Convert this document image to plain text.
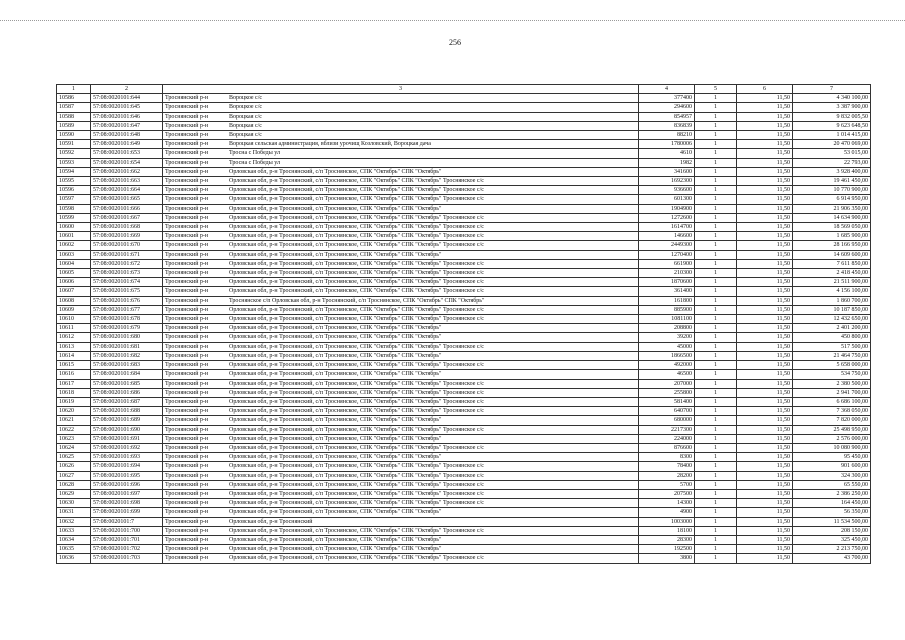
256
1	2	3	4	5	6	7
10586	57:08:0020101:644	Троснянский р-н Вороцкое с/с	377400	1	11,50	4 340 100,00
10587	57:08:0020101:645	Троснянский р-н Вороцкое с/с	294600	1	11,50	3 387 900,00
10588	57:08:0020101:646	Троснянский р-н Вороцкая с/с	854957	1	11,50	9 832 005,50
10589	57:08:0020101:647	Троснянский р-н Вороцкая с/с	836839	1	11,50	9 623 648,50
10590	57:08:0020101:648	Троснянский р-н Вороцкая с/с	88210	1	11,50	1 014 415,00
10591	57:08:0020101:649	Троснянский р-н Вороцкая сельская администрация, вблизи урочищ Козловский, Вороцкая дача	1780006	1	11,50	20 470 069,00
10592	57:08:0020101:653	Троснянский р-н Тросна с Победы ул	4610	1	11,50	53 015,00
10593	57:08:0020101:654	Троснянский р-н Тросна с Победы ул	1982	1	11,50	22 793,00
10594	57:08:0020101:662	Троснянский р-н Орловская обл, р-н Троснянский, с/п Троснянское, СПК "Октябрь" СПК "Октябрь"	341600	1	11,50	3 928 400,00
10595	57:08:0020101:663	Троснянский р-н Орловская обл, р-н Троснянский, с/п Троснянское, СПК "Октябрь" СПК "Октябрь" Троснянское с/с	1692300	1	11,50	19 461 450,00
10596	57:08:0020101:664	Троснянский р-н Орловская обл, р-н Троснянский, с/п Троснянское, СПК "Октябрь" СПК "Октябрь" Троснянское с/с	936600	1	11,50	10 770 900,00
10597	57:08:0020101:665	Троснянский р-н Орловская обл, р-н Троснянский, с/п Троснянское, СПК "Октябрь" СПК "Октябрь" Троснянское с/с	601300	1	11,50	6 914 950,00
10598	57:08:0020101:666	Троснянский р-н Орловская обл, р-н Троснянский, с/п Троснянское, СПК "Октябрь" СПК "Октябрь"	1904900	1	11,50	21 906 350,00
10599	57:08:0020101:667	Троснянский р-н Орловская обл, р-н Троснянский, с/п Троснянское, СПК "Октябрь" СПК "Октябрь" Троснянское с/с	1272600	1	11,50	14 634 900,00
10600	57:08:0020101:668	Троснянский р-н Орловская обл, р-н Троснянский, с/п Троснянское, СПК "Октябрь" СПК "Октябрь" Троснянское с/с	1614700	1	11,50	18 569 050,00
10601	57:08:0020101:669	Троснянский р-н Орловская обл, р-н Троснянский, с/п Троснянское, СПК "Октябрь" СПК "Октябрь" Троснянское с/с	146600	1	11,50	1 685 900,00
10602	57:08:0020101:670	Троснянский р-н Орловская обл, р-н Троснянский, с/п Троснянское, СПК "Октябрь" СПК "Октябрь" Троснянское с/с	2449300	1	11,50	28 166 950,00
10603	57:08:0020101:671	Троснянский р-н Орловская обл, р-н Троснянский, с/п Троснянское, СПК "Октябрь" СПК "Октябрь"	1270400	1	11,50	14 609 600,00
10604	57:08:0020101:672	Троснянский р-н Орловская обл, р-н Троснянский, с/п Троснянское, СПК "Октябрь" СПК "Октябрь" Троснянское с/с	661900	1	11,50	7 611 850,00
10605	57:08:0020101:673	Троснянский р-н Орловская обл, р-н Троснянский, с/п Троснянское, СПК "Октябрь" СПК "Октябрь" Троснянское с/с	210300	1	11,50	2 418 450,00
10606	57:08:0020101:674	Троснянский р-н Орловская обл, р-н Троснянский, с/п Троснянское, СПК "Октябрь" СПК "Октябрь" Троснянское с/с	1870600	1	11,50	21 511 900,00
10607	57:08:0020101:675	Троснянский р-н Орловская обл, р-н Троснянский, с/п Троснянское, СПК "Октябрь" СПК "Октябрь" Троснянское с/с	361400	1	11,50	4 156 100,00
10608	57:08:0020101:676	Троснянский р-н Троснянское с/п Орловская обл, р-н Троснянский, с/п Троснянское, СПК "Октябрь" СПК "Октябрь"	161800	1	11,50	1 860 700,00
10609	57:08:0020101:677	Троснянский р-н Орловская обл, р-н Троснянский, с/п Троснянское, СПК "Октябрь" СПК "Октябрь" Троснянское с/с	885900	1	11,50	10 187 850,00
10610	57:08:0020101:678	Троснянский р-н Орловская обл, р-н Троснянский, с/п Троснянское, СПК "Октябрь" СПК "Октябрь" Троснянское с/с	1081100	1	11,50	12 432 650,00
10611	57:08:0020101:679	Троснянский р-н Орловская обл, р-н Троснянский, с/п Троснянское, СПК "Октябрь" СПК "Октябрь"	208800	1	11,50	2 401 200,00
10612	57:08:0020101:680	Троснянский р-н Орловская обл, р-н Троснянский, с/п Троснянское, СПК "Октябрь" СПК "Октябрь"	39200	1	11,50	450 800,00
10613	57:08:0020101:681	Троснянский р-н Орловская обл, р-н Троснянский, с/п Троснянское, СПК "Октябрь" СПК "Октябрь" Троснянское с/с	45000	1	11,50	517 500,00
10614	57:08:0020101:682	Троснянский р-н Орловская обл, р-н Троснянский, с/п Троснянское, СПК "Октябрь" СПК "Октябрь"	1866500	1	11,50	21 464 750,00
10615	57:08:0020101:683	Троснянский р-н Орловская обл, р-н Троснянский, с/п Троснянское, СПК "Октябрь" СПК "Октябрь" Троснянское с/с	492000	1	11,50	5 658 000,00
10616	57:08:0020101:684	Троснянский р-н Орловская обл, р-н Троснянский, с/п Троснянское, СПК "Октябрь" СПК "Октябрь"	46500	1	11,50	534 750,00
10617	57:08:0020101:685	Троснянский р-н Орловская обл, р-н Троснянский, с/п Троснянское, СПК "Октябрь" СПК "Октябрь" Троснянское с/с	207000	1	11,50	2 380 500,00
10618	57:08:0020101:686	Троснянский р-н Орловская обл, р-н Троснянский, с/п Троснянское, СПК "Октябрь" СПК "Октябрь" Троснянское с/с	255800	1	11,50	2 941 700,00
10619	57:08:0020101:687	Троснянский р-н Орловская обл, р-н Троснянский, с/п Троснянское, СПК "Октябрь" СПК "Октябрь" Троснянское с/с	581400	1	11,50	6 686 100,00
10620	57:08:0020101:688	Троснянский р-н Орловская обл, р-н Троснянский, с/п Троснянское, СПК "Октябрь" СПК "Октябрь" Троснянское с/с	640700	1	11,50	7 368 050,00
10621	57:08:0020101:689	Троснянский р-н Орловская обл, р-н Троснянский, с/п Троснянское, СПК "Октябрь" СПК "Октябрь"	680000	1	11,50	7 820 000,00
10622	57:08:0020101:690	Троснянский р-н Орловская обл, р-н Троснянский, с/п Троснянское, СПК "Октябрь" СПК "Октябрь" Троснянское с/с	2217300	1	11,50	25 498 950,00
10623	57:08:0020101:691	Троснянский р-н Орловская обл, р-н Троснянский, с/п Троснянское, СПК "Октябрь" СПК "Октябрь"	224000	1	11,50	2 576 000,00
10624	57:08:0020101:692	Троснянский р-н Орловская обл, р-н Троснянский, с/п Троснянское, СПК "Октябрь" СПК "Октябрь" Троснянское с/с	876600	1	11,50	10 080 900,00
10625	57:08:0020101:693	Троснянский р-н Орловская обл, р-н Троснянский, с/п Троснянское, СПК "Октябрь" СПК "Октябрь"	8300	1	11,50	95 450,00
10626	57:08:0020101:694	Троснянский р-н Орловская обл, р-н Троснянский, с/п Троснянское, СПК "Октябрь" СПК "Октябрь" Троснянское с/с	78400	1	11,50	901 600,00
10627	57:08:0020101:695	Троснянский р-н Орловская обл, р-н Троснянский, с/п Троснянское, СПК "Октябрь" СПК "Октябрь" Троснянское с/с	28200	1	11,50	324 300,00
10628	57:08:0020101:696	Троснянский р-н Орловская обл, р-н Троснянский, с/п Троснянское, СПК "Октябрь" СПК "Октябрь" Троснянское с/с	5700	1	11,50	65 550,00
10629	57:08:0020101:697	Троснянский р-н Орловская обл, р-н Троснянский, с/п Троснянское, СПК "Октябрь" СПК "Октябрь" Троснянское с/с	207500	1	11,50	2 386 250,00
10630	57:08:0020101:698	Троснянский р-н Орловская обл, р-н Троснянский, с/п Троснянское, СПК "Октябрь" СПК "Октябрь" Троснянское с/с	14300	1	11,50	164 450,00
10631	57:08:0020101:699	Троснянский р-н Орловская обл, р-н Троснянский, с/п Троснянское, СПК "Октябрь" СПК "Октябрь"	4900	1	11,50	56 350,00
10632	57:08:0020101:7	Троснянский р-н Орловская обл, р-н Троснянский	1003000	1	11,50	11 534 500,00
10633	57:08:0020101:700	Троснянский р-н Орловская обл, р-н Троснянский, с/п Троснянское, СПК "Октябрь" СПК "Октябрь" Троснянское с/с	18100	1	11,50	208 150,00
10634	57:08:0020101:701	Троснянский р-н Орловская обл, р-н Троснянский, с/п Троснянское, СПК "Октябрь" СПК "Октябрь"	28300	1	11,50	325 450,00
10635	57:08:0020101:702	Троснянский р-н Орловская обл, р-н Троснянский, с/п Троснянское, СПК "Октябрь" СПК "Октябрь"	192500	1	11,50	2 213 750,00
10636	57:08:0020101:703	Троснянский р-н Орловская обл, р-н Троснянский, с/п Троснянское, СПК "Октябрь" СПК "Октябрь" Троснянское с/с	3800	1	11,50	43 700,00
